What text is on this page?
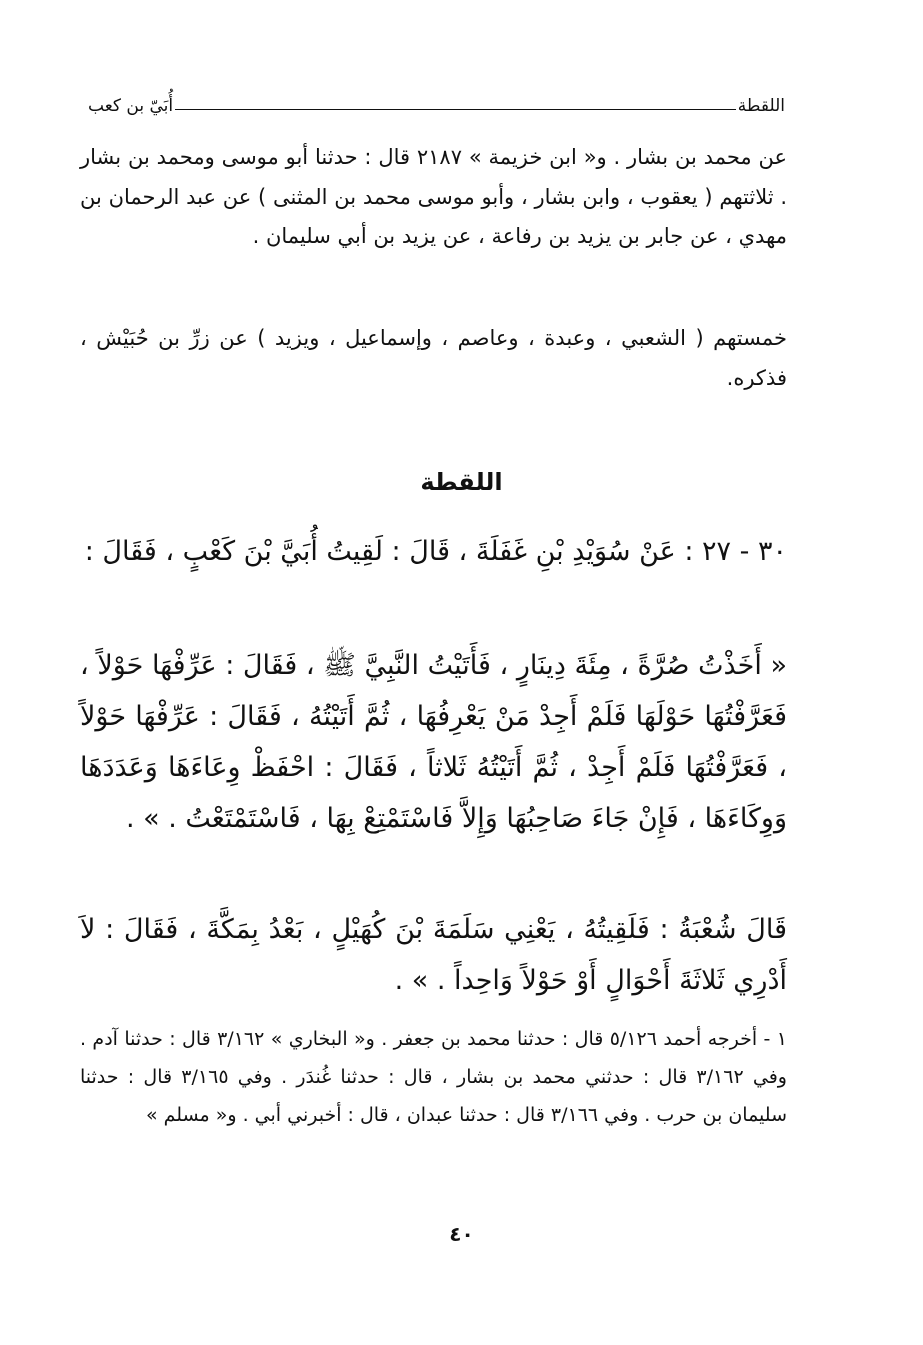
اللقطة
أُبَيّ بن كعب
عن محمد بن بشار . و« ابن خزيمة » ٢١٨٧ قال : حدثنا أبو موسى ومحمد بن بشار . ثلاثتهم ( يعقوب ، وابن بشار ، وأبو موسى محمد بن المثنى ) عن عبد الرحمان بن مهدي ، عن جابر بن يزيد بن رفاعة ، عن يزيد بن أبي سليمان .
خمستهم ( الشعبي ، وعبدة ، وعاصم ، وإسماعيل ، ويزيد ) عن زرِّ بن حُبَيْش ، فذكره.
اللقطة
٣٠ - ٢٧ : عَنْ سُوَيْدِ بْنِ غَفَلَةَ ، قَالَ : لَقِيتُ أُبَيَّ بْنَ كَعْبٍ ، فَقَالَ :
« أَخَذْتُ صُرَّةً ، مِئَةَ دِينَارٍ ، فَأَتَيْتُ النَّبِيَّ ﷺ ، فَقَالَ : عَرِّفْهَا حَوْلاً ، فَعَرَّفْتُهَا حَوْلَهَا فَلَمْ أَجِدْ مَنْ يَعْرِفُهَا ، ثُمَّ أَتَيْتُهُ ، فَقَالَ : عَرِّفْهَا حَوْلاً ، فَعَرَّفْتُهَا فَلَمْ أَجِدْ ، ثُمَّ أَتَيْتُهُ ثَلاثاً ، فَقَالَ : احْفَظْ وِعَاءَهَا وَعَدَدَهَا وَوِكَاءَهَا ، فَإِنْ جَاءَ صَاحِبُهَا وَإِلاَّ فَاسْتَمْتِعْ بِهَا ، فَاسْتَمْتَعْتُ . » .
قَالَ شُعْبَةُ : فَلَقِيتُهُ ، يَعْنِي سَلَمَةَ بْنَ كُهَيْلٍ ، بَعْدُ بِمَكَّةَ ، فَقَالَ : لاَ أَدْرِي ثَلاثَةَ أَحْوَالٍ أَوْ حَوْلاً وَاحِداً . » .
١ - أخرجه أحمد ٥/١٢٦ قال : حدثنا محمد بن جعفر . و« البخاري » ٣/١٦٢ قال : حدثنا آدم . وفي ٣/١٦٢ قال : حدثني محمد بن بشار ، قال : حدثنا غُندَر . وفي ٣/١٦٥ قال : حدثنا سليمان بن حرب . وفي ٣/١٦٦ قال : حدثنا عبدان ، قال : أخبرني أبي . و« مسلم »
٤٠
